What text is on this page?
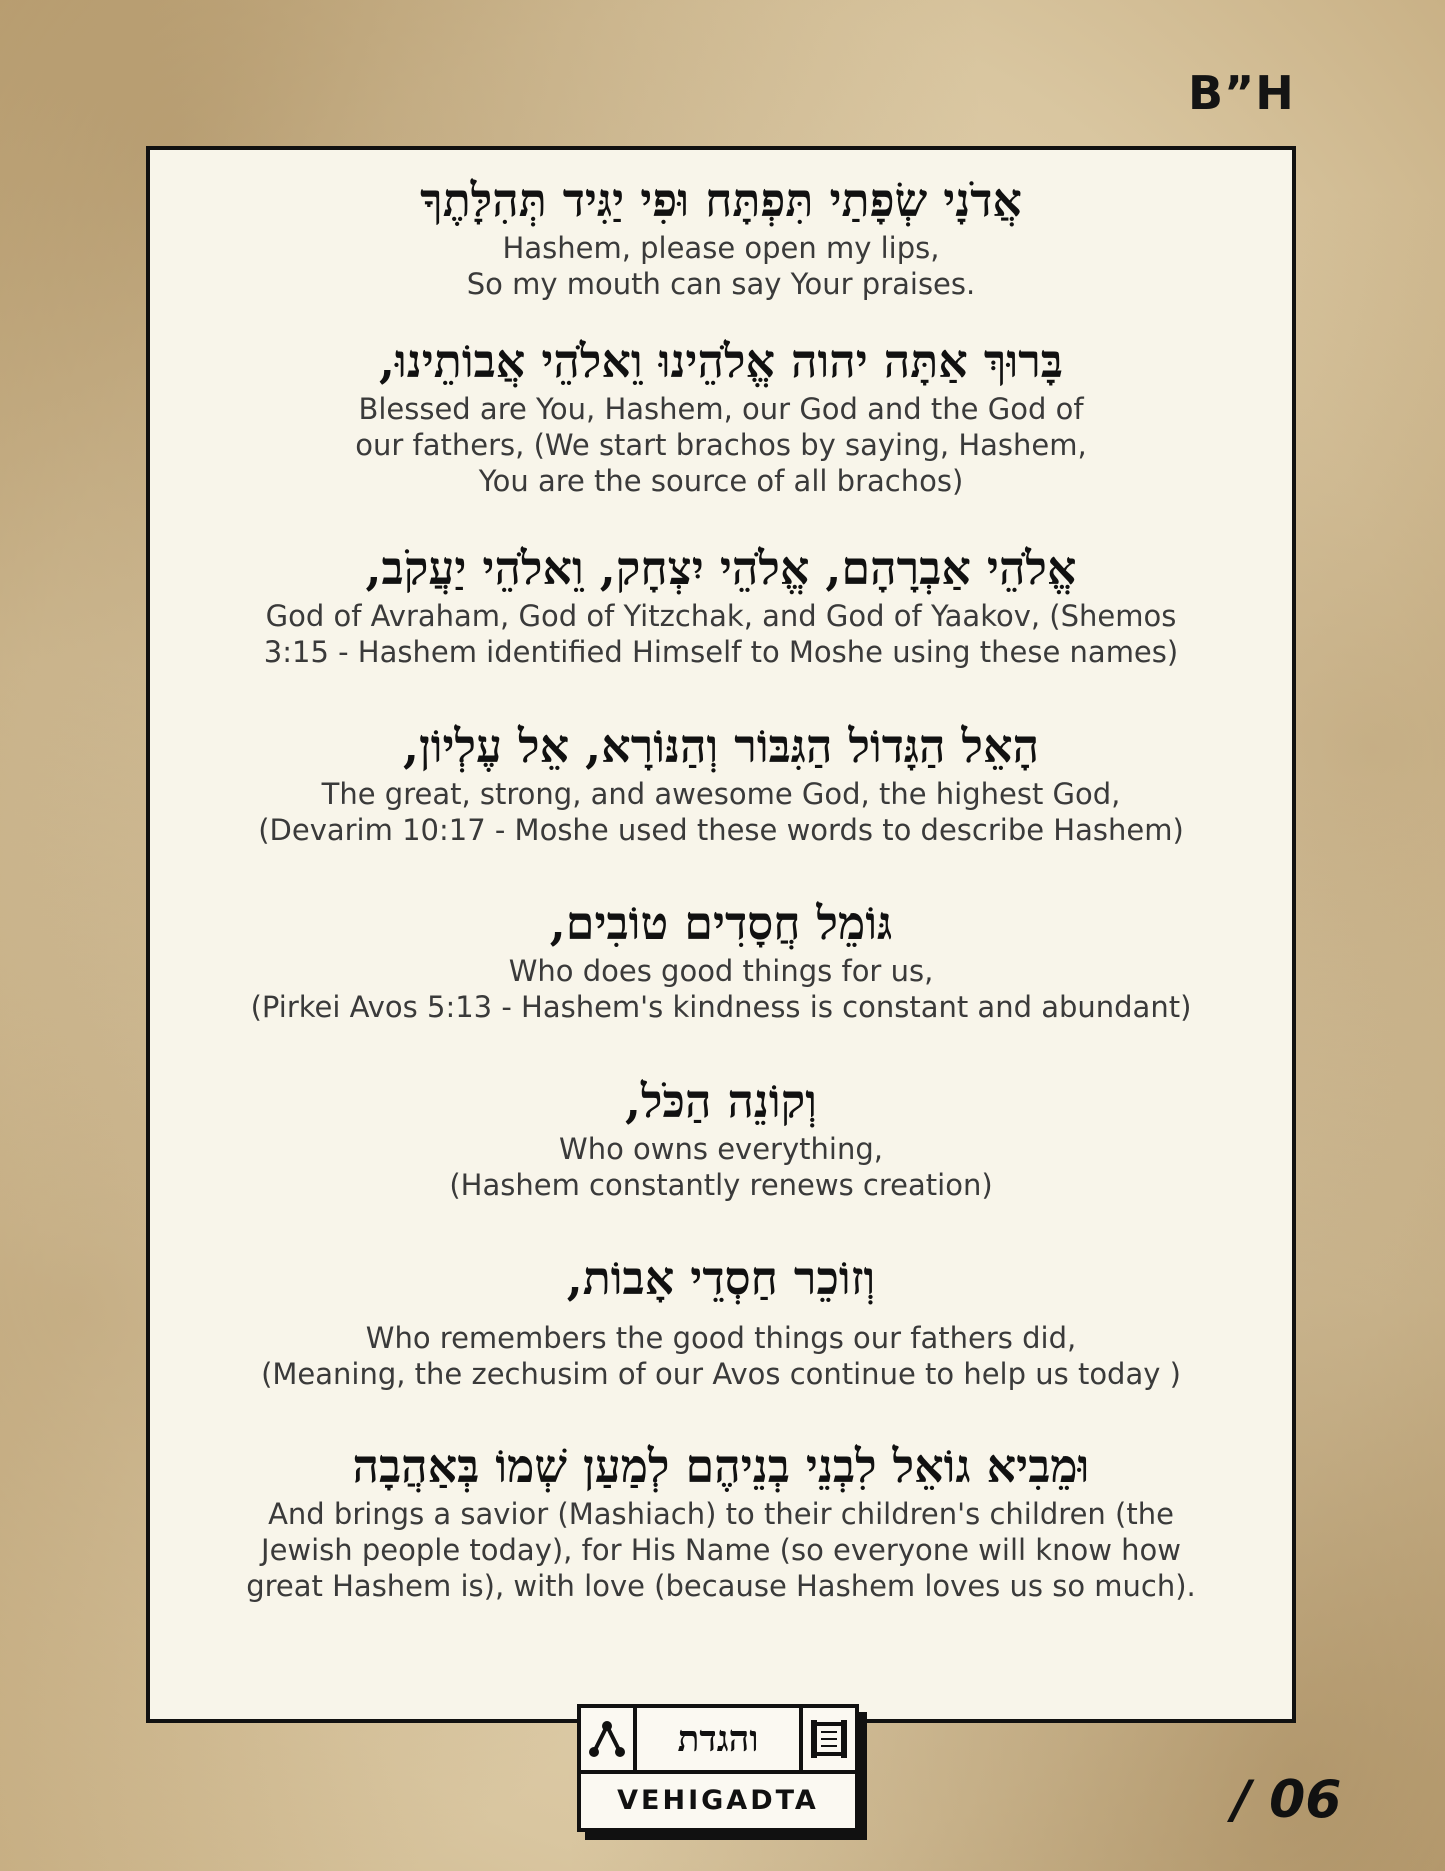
B”H
אֲדֹנָי שְׂפָתַי תִּפְתָּח וּפִי יַגִּיד תְּהִלָּתֶךָ
Hashem, please open my lips,
So my mouth can say Your praises.
בָּרוּךְ אַתָּה יהוה אֱלֹהֵינוּ וֵאלֹהֵי אֲבוֹתֵינוּ,
Blessed are You, Hashem, our God and the God of
our fathers, (We start brachos by saying, Hashem,
You are the source of all brachos)
אֱלֹהֵי אַבְרָהָם, אֱלֹהֵי יִצְחָק, וֵאלֹהֵי יַעֲקֹב,
God of Avraham, God of Yitzchak, and God of Yaakov, (Shemos
3:15 - Hashem identified Himself to Moshe using these names)
הָאֵל הַגָּדוֹל הַגִּבּוֹר וְהַנּוֹרָא, אֵל עֶלְיוֹן,
The great, strong, and awesome God, the highest God,
(Devarim 10:17 - Moshe used these words to describe Hashem)
גּוֹמֵל חֲסָדִים טוֹבִים,
Who does good things for us,
(Pirkei Avos 5:13 - Hashem's kindness is constant and abundant)
וְקוֹנֵה הַכֹּל,
Who owns everything,
(Hashem constantly renews creation)
וְזוֹכֵר חַסְדֵי אָבוֹת,
Who remembers the good things our fathers did,
(Meaning, the zechusim of our Avos continue to help us today )
וּמֵבִיא גוֹאֵל לִבְנֵי בְנֵיהֶם לְמַעַן שְׁמוֹ בְּאַהֲבָה
And brings a savior (Mashiach) to their children's children (the
Jewish people today), for His Name (so everyone will know how
great Hashem is), with love (because Hashem loves us so much).
והגדת
VEHIGADTA	/ 06
